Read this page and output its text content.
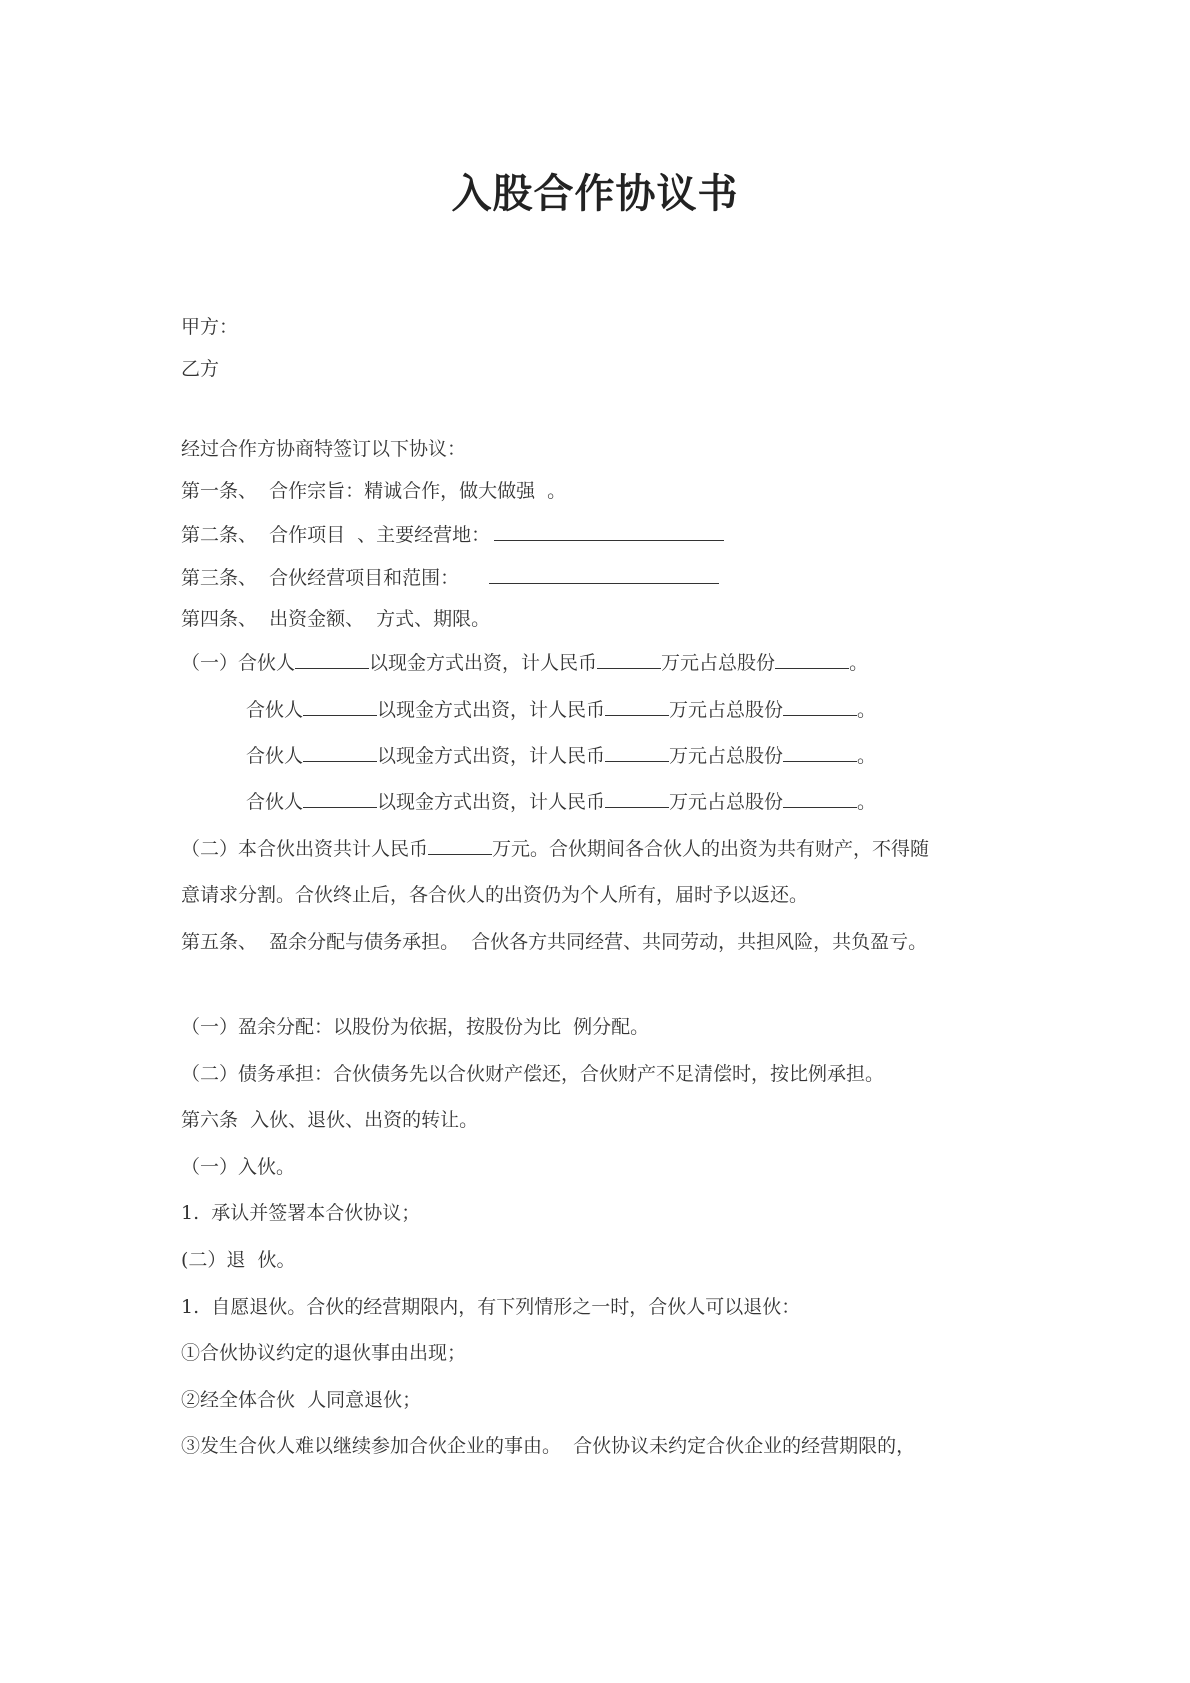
入股合作协议书
甲方：
乙方
经过合作方协商特签订以下协议：
第一条、  合作宗旨：精诚合作，做大做强  。
第二条、  合作项目  、主要经营地：
第三条、  合伙经营项目和范围：
第四条、  出资金额、  方式、期限。
（一）合伙人	以现金方式出资，计人民币	万元占总股份	。
合伙人	以现金方式出资，计人民币	万元占总股份	。
合伙人	以现金方式出资，计人民币	万元占总股份	。
合伙人	以现金方式出资，计人民币	万元占总股份	。
（二）本合伙出资共计人民币	万元。合伙期间各合伙人的出资为共有财产，不得随
意请求分割。合伙终止后，各合伙人的出资仍为个人所有，届时予以返还。
第五条、  盈余分配与债务承担。  合伙各方共同经营、共同劳动，共担风险，共负盈亏。
（一）盈余分配：以股份为依据，按股份为比  例分配。
（二）债务承担：合伙债务先以合伙财产偿还，合伙财产不足清偿时，按比例承担。
第六条  入伙、退伙、出资的转让。
（一）入伙。
1.  承认并签署本合伙协议；
(二）退  伙。
1.  自愿退伙。合伙的经营期限内，有下列情形之一时，合伙人可以退伙：
①合伙协议约定的退伙事由出现；
②经全体合伙  人同意退伙；
③发生合伙人难以继续参加合伙企业的事由。  合伙协议未约定合伙企业的经营期限的，
